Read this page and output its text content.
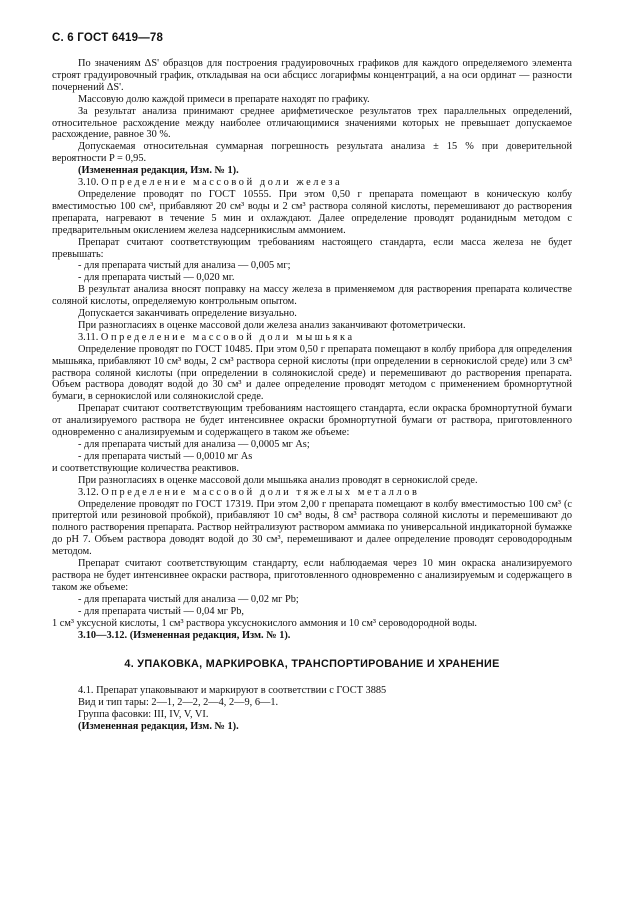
С. 6 ГОСТ 6419—78

По значениям ΔS' образцов для построения градуировочных графиков для каждого определяемого элемента строят градуировочный график, откладывая на оси абсцисс логарифмы концентраций, а на оси ординат — разности почернений ΔS'.

Массовую долю каждой примеси в препарате находят по графику.

За результат анализа принимают среднее арифметическое результатов трех параллельных определений, относительное расхождение между наиболее отличающимися значениями которых не превышает допускаемое расхождение, равное 30 %.

Допускаемая относительная суммарная погрешность результата анализа ± 15 % при доверительной вероятности P = 0,95.

(Измененная редакция, Изм. № 1).

3.10. Определение массовой доли железа

Определение проводят по ГОСТ 10555. При этом 0,50 г препарата помещают в коническую колбу вместимостью 100 см³, прибавляют 20 см³ воды и 2 см³ раствора соляной кислоты, перемешивают до растворения препарата, нагревают в течение 5 мин и охлаждают. Далее определение проводят роданидным методом с предварительным окислением железа надсерникислым аммонием.

Препарат считают соответствующим требованиям настоящего стандарта, если масса железа не будет превышать:

- для препарата чистый для анализа — 0,005 мг;

- для препарата чистый — 0,020 мг.

В результат анализа вносят поправку на массу железа в применяемом для растворения препарата количестве соляной кислоты, определяемую контрольным опытом.

Допускается заканчивать определение визуально.

При разногласиях в оценке массовой доли железа анализ заканчивают фотометрически.

3.11. Определение массовой доли мышьяка

Определение проводят по ГОСТ 10485. При этом 0,50 г препарата помещают в колбу прибора для определения мышьяка, прибавляют 10 см³ воды, 2 см³ раствора серной кислоты (при определении в сернокислой среде) или 3 см³ раствора соляной кислоты (при определении в солянокислой среде) и перемешивают до растворения препарата. Объем раствора доводят водой до 30 см³ и далее определение проводят методом с применением бромнортутной бумаги, в сернокислой или солянокислой среде.

Препарат считают соответствующим требованиям настоящего стандарта, если окраска бромнортутной бумаги от анализируемого раствора не будет интенсивнее окраски бромнортутной бумаги от раствора, приготовленного одновременно с анализируемым и содержащего в таком же объеме:

- для препарата чистый для анализа — 0,0005 мг As;

- для препарата чистый — 0,0010 мг As

и соответствующие количества реактивов.

При разногласиях в оценке массовой доли мышьяка анализ проводят в сернокислой среде.

3.12. Определение массовой доли тяжелых металлов

Определение проводят по ГОСТ 17319. При этом 2,00 г препарата помещают в колбу вместимостью 100 см³ (с притертой или резиновой пробкой), прибавляют 10 см³ воды, 8 см³ раствора соляной кислоты и перемешивают до полного растворения препарата. Раствор нейтрализуют раствором аммиака по универсальной индикаторной бумажке до рН 7. Объем раствора доводят водой до 30 см³, перемешивают и далее определение проводят сероводородным методом.

Препарат считают соответствующим стандарту, если наблюдаемая через 10 мин окраска анализируемого раствора не будет интенсивнее окраски раствора, приготовленного одновременно с анализируемым и содержащего в таком же объеме:

- для препарата чистый для анализа — 0,02 мг Pb;

- для препарата чистый — 0,04 мг Pb,

1 см³ уксусной кислоты, 1 см³ раствора уксуснокислого аммония и 10 см³ сероводородной воды.

3.10—3.12. (Измененная редакция, Изм. № 1).

4. УПАКОВКА, МАРКИРОВКА, ТРАНСПОРТИРОВАНИЕ И ХРАНЕНИЕ

4.1. Препарат упаковывают и маркируют в соответствии с ГОСТ 3885

Вид и тип тары: 2—1, 2—2, 2—4, 2—9, 6—1.

Группа фасовки: III, IV, V, VI.

(Измененная редакция, Изм. № 1).
